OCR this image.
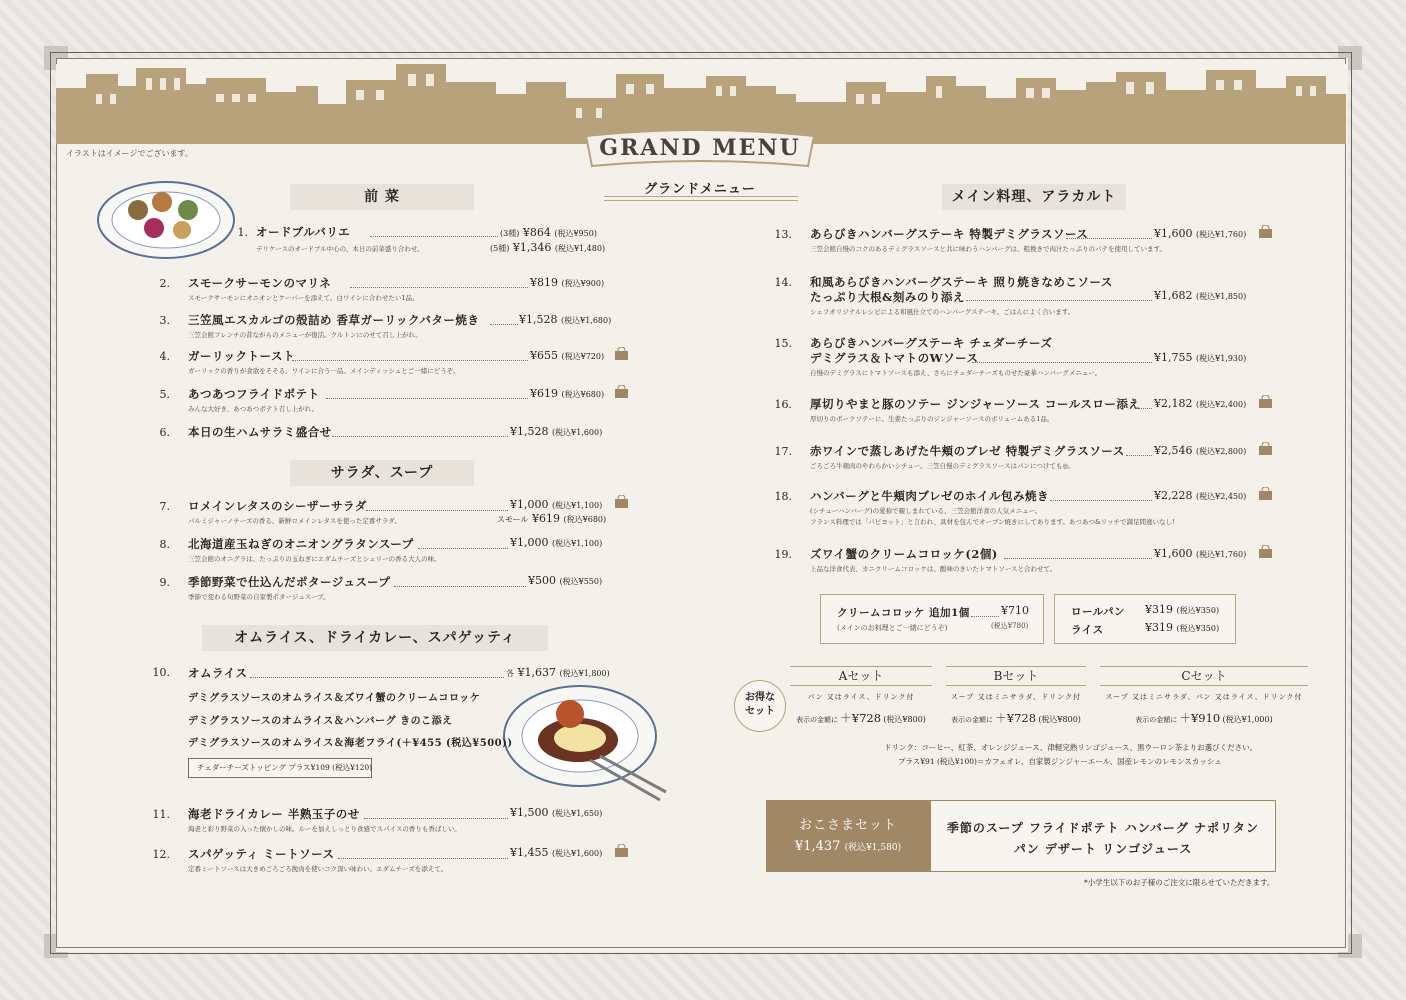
イラストはイメージでございます。	GRAND MENU
グランドメニュー
前 菜
サラダ、スープ
オムライス、ドライカレー、スパゲッティ
メイン料理、アラカルト
1. オードブルバリエ	(3種) ¥864 (税込¥950)
デリケースのオードブル中心の、本日の前菜盛り合わせ。	(5種) ¥1,346 (税込¥1,480)
2. スモークサーモンのマリネ	¥819 (税込¥900)
スモークサーモンにオニオンとケーパーを添えて。白ワインに合わせたい1品。
3. 三笠風エスカルゴの殻詰め 香草ガーリックバター焼き	¥1,528 (税込¥1,680)
三笠会館フレンチの昔ながらのメニューが復活。クルトンにのせて召し上がれ。
4. ガーリックトースト	¥655 (税込¥720)
ガーリックの香りが食欲をそそる、ワインに合う一品。メインディッシュとご一緒にどうぞ。
5. あつあつフライドポテト	¥619 (税込¥680)
みんな大好き、あつあつポテト召し上がれ。
6. 本日の生ハムサラミ盛合せ	¥1,528 (税込¥1,600)
7. ロメインレタスのシーザーサラダ	¥1,000 (税込¥1,100)
パルミジャーノチーズの香る、新鮮ロメインレタスを使った定番サラダ。	スモール ¥619 (税込¥680)
8. 北海道産玉ねぎのオニオングラタンスープ	¥1,000 (税込¥1,100)
三笠会館のオニグラは、たっぷりの玉ねぎにエダムチーズとシェリーの香る大人の味。
9. 季節野菜で仕込んだポタージュスープ	¥500 (税込¥550)
季節で変わる旬野菜の自家製ポタージュスープ。
10. オムライス	各 ¥1,637 (税込¥1,800)
デミグラスソースのオムライス＆ズワイ蟹のクリームコロッケ
デミグラスソースのオムライス＆ハンバーグ きのこ添え
デミグラスソースのオムライス＆海老フライ(＋¥455 (税込¥500))
チェダーチーズトッピング プラス¥109 (税込¥120)
11. 海老ドライカレー 半熟玉子のせ	¥1,500 (税込¥1,650)
海老と彩り野菜の入った懐かしの味。ルーを加えしっとり食感でスパイスの香りも香ばしい。
12. スパゲッティ ミートソース	¥1,455 (税込¥1,600)
定番ミートソースは大きめごろごろ挽肉を使いコク深い味わい。エダムチーズを添えて。
13. あらびきハンバーグステーキ 特製デミグラスソース	¥1,600 (税込¥1,760)
三笠会館自慢のコクのあるデミグラスソースと共に味わうハンバーグは、粗挽きで肉汁たっぷりのパテを使用しています。
14. 和風あらびきハンバーグステーキ 照り焼きなめこソース
たっぷり大根&刻みのり添え	¥1,682 (税込¥1,850)
シェフオリジナルレシピによる和風仕立てのハンバーグステーキ。ごはんによく合います。
15. あらびきハンバーグステーキ チェダーチーズ
デミグラス＆トマトのWソース	¥1,755 (税込¥1,930)
自慢のデミグラスにトマトソースも添え、さらにチェダーチーズものせた豪華ハンバーグメニュー。
16. 厚切りやまと豚のソテー ジンジャーソース コールスロー添え ¥2,182 (税込¥2,400)
厚切りのポークソテーに、生姜たっぷりのジンジャーソースのボリュームある1品。
17. 赤ワインで蒸しあげた牛頬のブレゼ 特製デミグラスソース	¥2,546 (税込¥2,800)
ごろごろ牛頬肉のやわらかいシチュー。三笠自慢のデミグラスソースはパンにつけても◎。
18. ハンバーグと牛頬肉ブレゼのホイル包み焼き	¥2,228 (税込¥2,450)
(シチューハンバーグ)の愛称で親しまれている、三笠会館洋食の人気メニュー。
フランス料理では「パピヨット」と言われ、具材を包んでオーブン焼きにしてあります。あつあつ&リッチで満足間違いなし!
19. ズワイ蟹のクリームコロッケ(2個)	¥1,600 (税込¥1,760)
上品な洋食代表、カニクリームコロッケは、酸味のきいたトマトソースと合わせて。
クリームコロッケ 追加1個	¥710
(メインのお料理とご一緒にどうぞ)	(税込¥780)
ロールパン ¥319 (税込¥350)
ライス	¥319 (税込¥350)
お得な
セット
Aセット
パン 又はライス、ドリンク付
表示の金額に ＋¥728 (税込¥800)
Bセット
スープ 又はミニサラダ、ドリンク付
表示の金額に ＋¥728 (税込¥800)
Cセット
スープ 又はミニサラダ、パン 又はライス、ドリンク付
表示の金額に ＋¥910 (税込¥1,000)
ドリンク：コーヒー、紅茶、オレンジジュース、津軽完熟リンゴジュース、黒ウーロン茶よりお選びください。
プラス¥91 (税込¥100)＝カフェオレ、自家製ジンジャーエール、国産レモンのレモンスカッシュ
おこさまセット
¥1,437 (税込¥1,580)
季節のスープ フライドポテト ハンバーグ ナポリタン
パン デザート リンゴジュース
*小学生以下のお子様のご注文に限らせていただきます。
